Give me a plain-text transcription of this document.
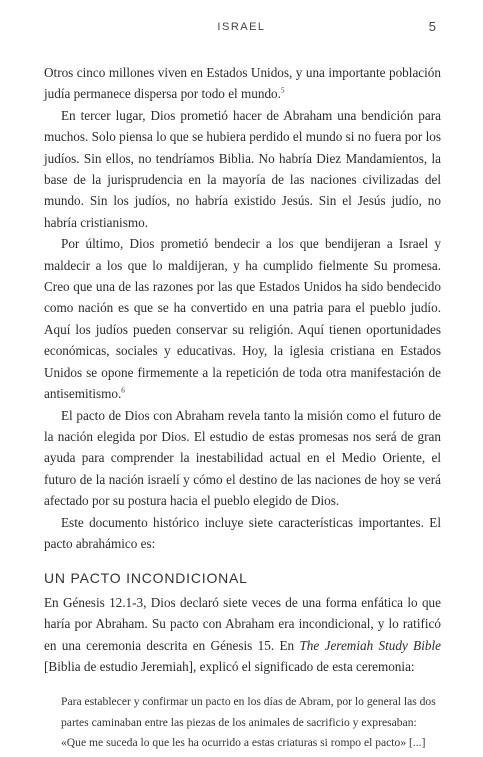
ISRAEL	5

Otros cinco millones viven en Estados Unidos, y una importante población judía permanece dispersa por todo el mundo.$^5$

En tercer lugar, Dios prometió hacer de Abraham una bendición para muchos. Solo piensa lo que se hubiera perdido el mundo si no fuera por los judíos. Sin ellos, no tendríamos Biblia. No habría Diez Mandamientos, la base de la jurisprudencia en la mayoría de las naciones civilizadas del mundo. Sin los judíos, no habría existido Jesús. Sin el Jesús judío, no habría cristianismo.

Por último, Dios prometió bendecir a los que bendijeran a Israel y maldecir a los que lo maldijeran, y ha cumplido fielmente Su promesa. Creo que una de las razones por las que Estados Unidos ha sido bendecido como nación es que se ha convertido en una patria para el pueblo judío. Aquí los judíos pueden conservar su religión. Aquí tienen oportunidades económicas, sociales y educativas. Hoy, la iglesia cristiana en Estados Unidos se opone firmemente a la repetición de toda otra manifestación de antisemitismo.$^6$

El pacto de Dios con Abraham revela tanto la misión como el futuro de la nación elegida por Dios. El estudio de estas promesas nos será de gran ayuda para comprender la inestabilidad actual en el Medio Oriente, el futuro de la nación israelí y cómo el destino de las naciones de hoy se verá afectado por su postura hacia el pueblo elegido de Dios.

Este documento histórico incluye siete características importantes. El pacto abrahámico es:

UN PACTO INCONDICIONAL

En Génesis 12.1-3, Dios declaró siete veces de una forma enfática lo que haría por Abraham. Su pacto con Abraham era incondicional, y lo ratificó en una ceremonia descrita en Génesis 15. En The Jeremiah Study Bible [Biblia de estudio Jeremiah], explicó el significado de esta ceremonia:

Para establecer y confirmar un pacto en los días de Abram, por lo general las dos partes caminaban entre las piezas de los animales de sacrificio y expresaban: «Que me suceda lo que les ha ocurrido a estas criaturas si rompo el pacto» [...]
